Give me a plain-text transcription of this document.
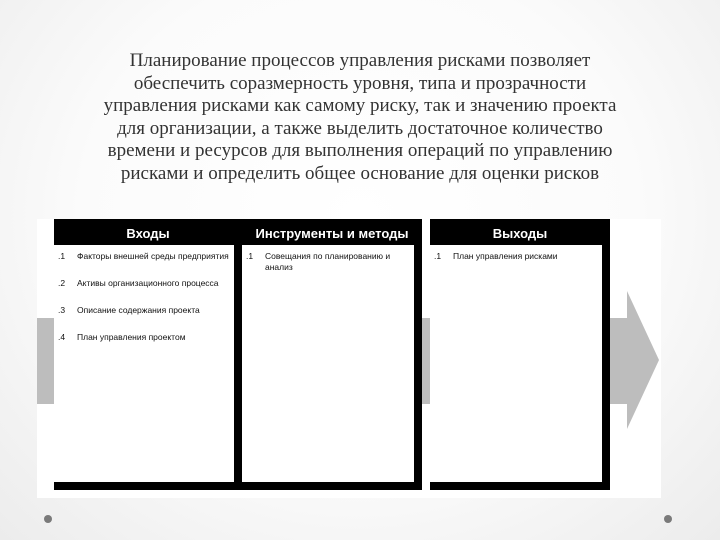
Планирование процессов управления рисками позволяет
обеспечить соразмерность уровня, типа и прозрачности
управления рисками как самому риску, так и значению проекта
для организации, а также выделить достаточное количество
времени и ресурсов для выполнения операций по управлению
рисками и определить общее основание для оценки рисков
Входы
.1 Факторы внешней среды предприятия
.2 Активы организационного процесса
.3 Описание содержания проекта
.4 План управления проектом
Инструменты и методы
.1 Совещания по планированию и анализ
Выходы
.1 План управления рисками
